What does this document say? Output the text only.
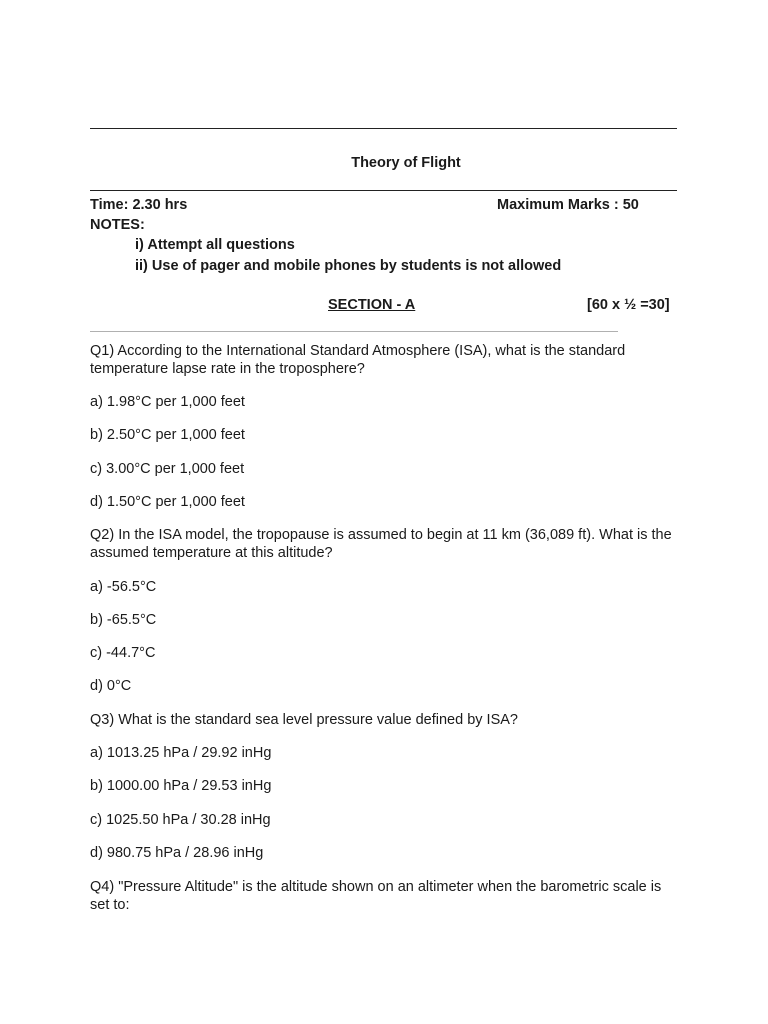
Theory of Flight
Time: 2.30 hrs	Maximum Marks : 50
NOTES:
i) Attempt all questions
ii) Use of pager and mobile phones by students is not allowed
SECTION - A	[60 x ½ =30]
Q1) According to the International Standard Atmosphere (ISA), what is the standard temperature lapse rate in the troposphere?
a) 1.98°C per 1,000 feet
b) 2.50°C per 1,000 feet
c) 3.00°C per 1,000 feet
d) 1.50°C per 1,000 feet
Q2) In the ISA model, the tropopause is assumed to begin at 11 km (36,089 ft). What is the assumed temperature at this altitude?
a) -56.5°C
b) -65.5°C
c) -44.7°C
d) 0°C
Q3) What is the standard sea level pressure value defined by ISA?
a) 1013.25 hPa / 29.92 inHg
b) 1000.00 hPa / 29.53 inHg
c) 1025.50 hPa / 30.28 inHg
d) 980.75 hPa / 28.96 inHg
Q4) "Pressure Altitude" is the altitude shown on an altimeter when the barometric scale is set to:
